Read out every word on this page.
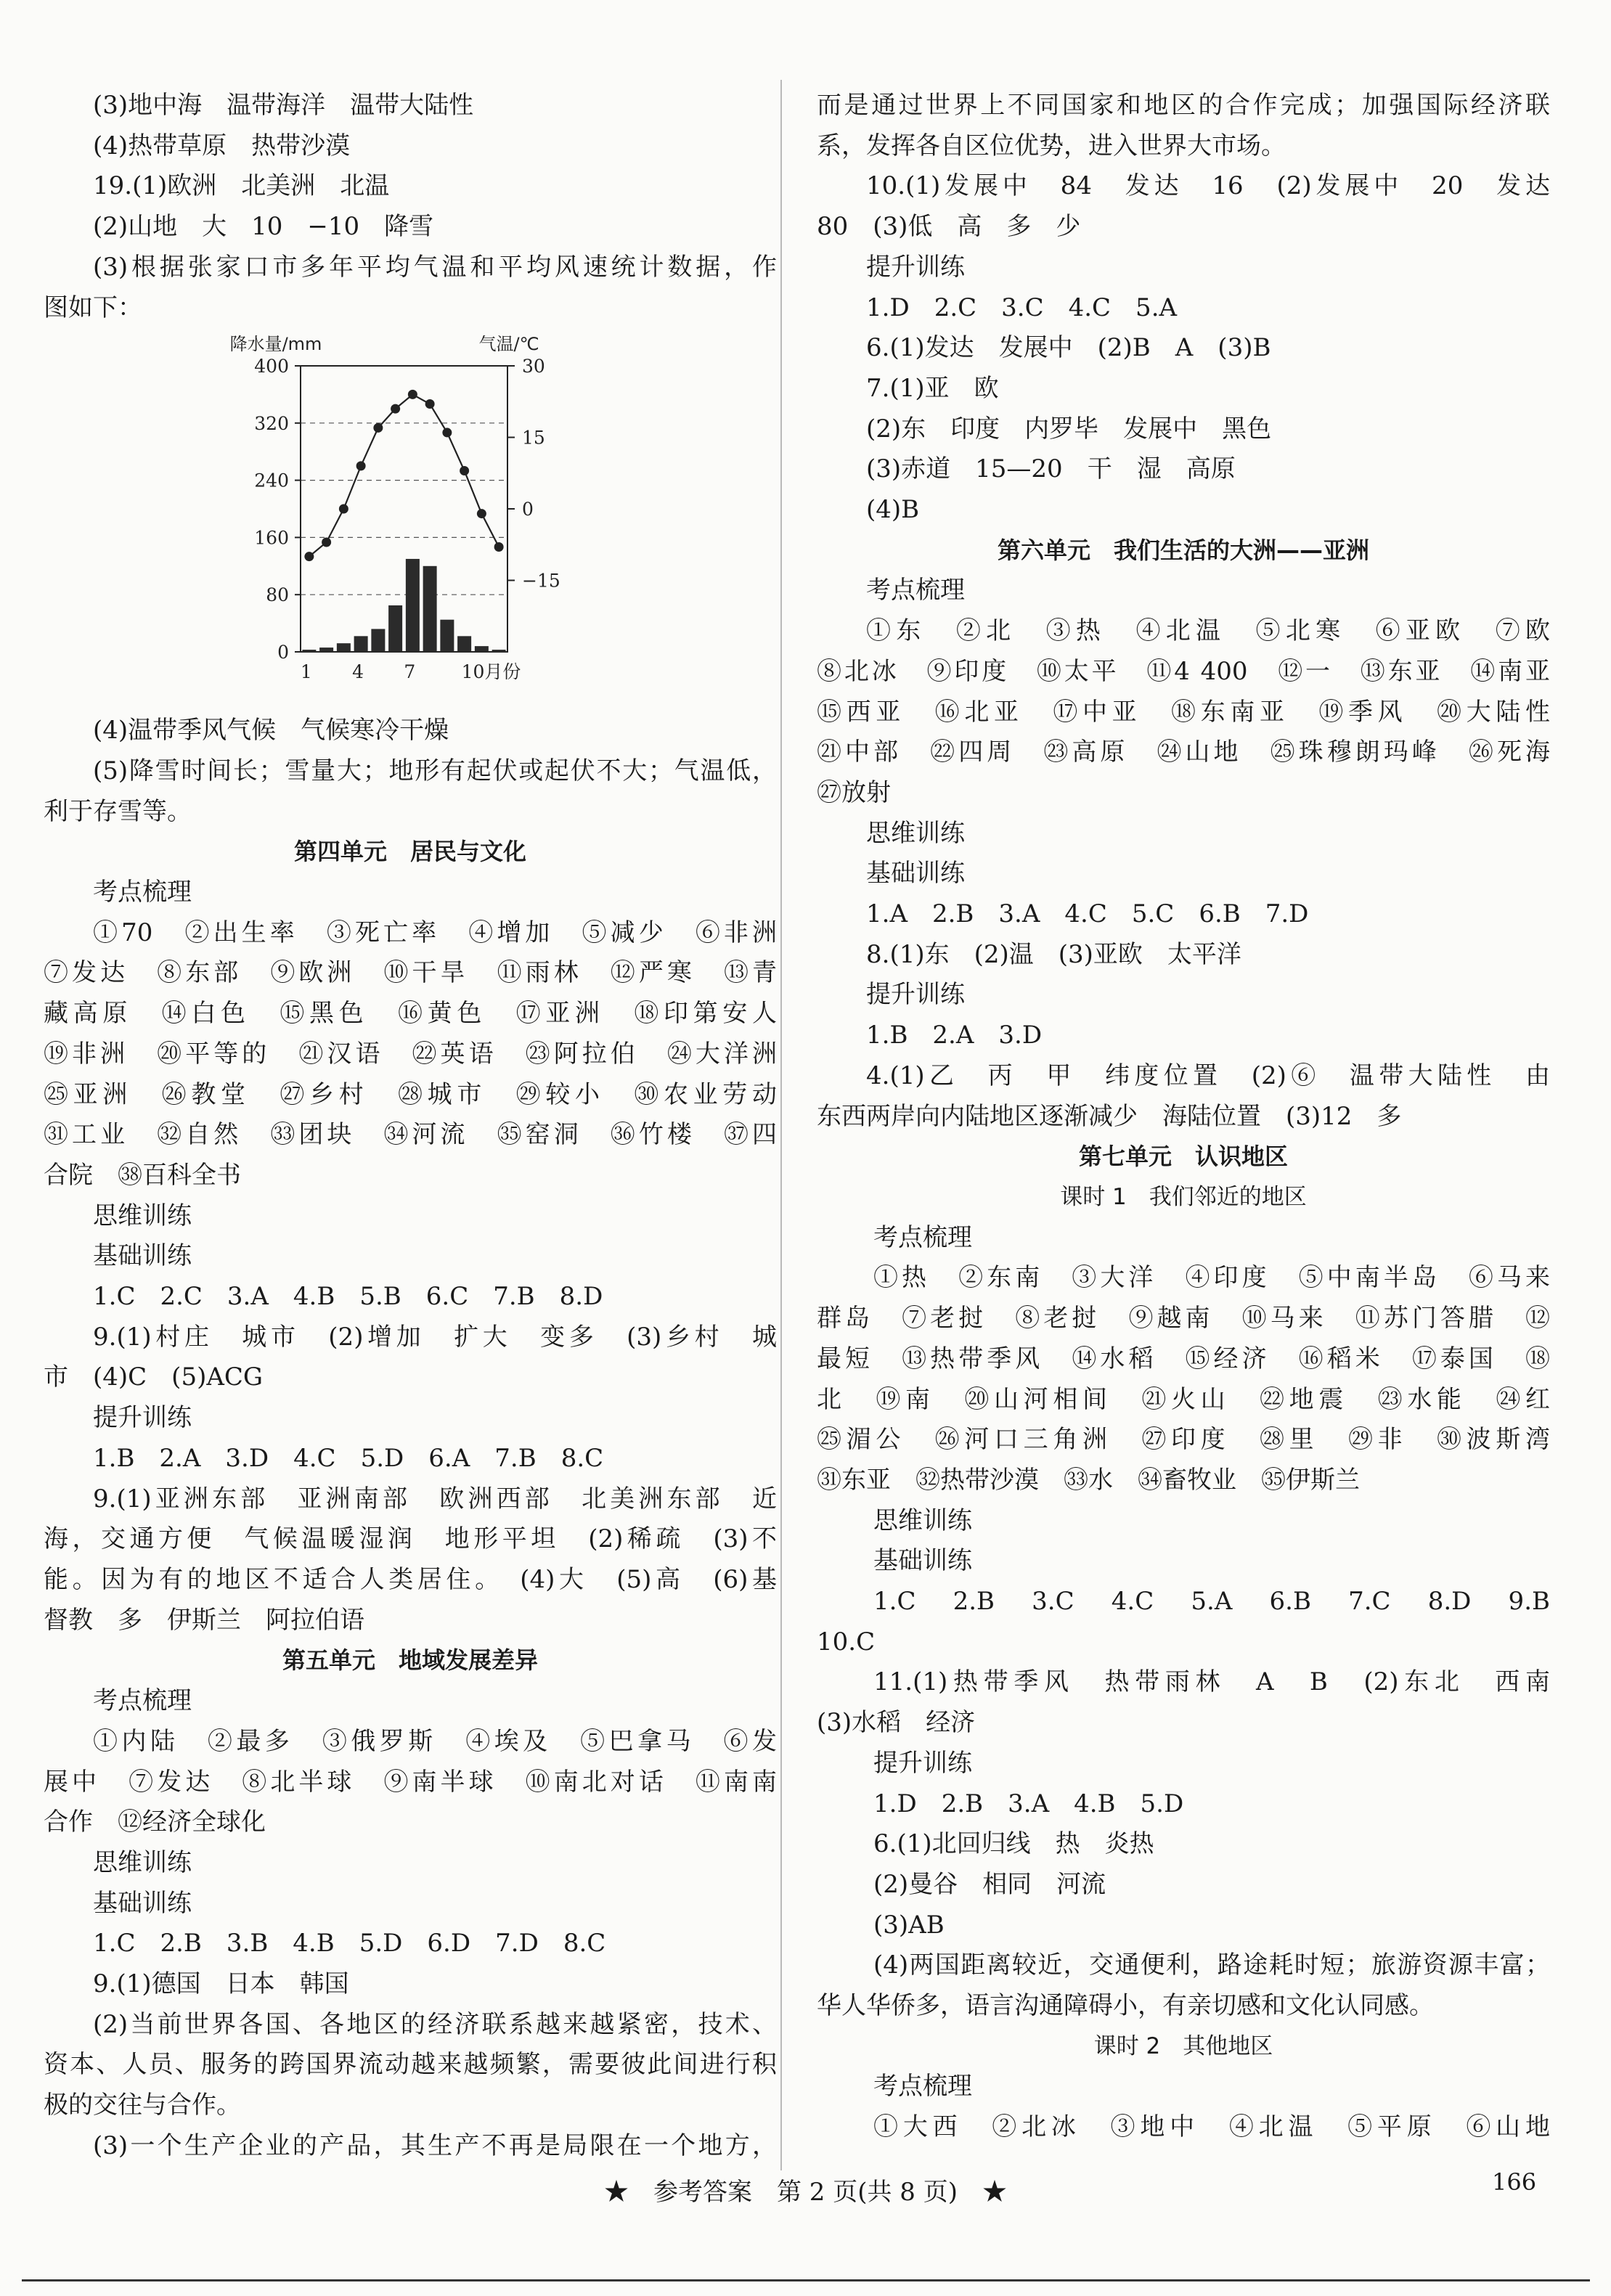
(3)地中海　温带海洋　温带大陆性
(4)热带草原　热带沙漠
19.(1)欧洲　北美洲　北温
(2)山地　大　10　−10　降雪
(3)根据张家口市多年平均气温和平均风速统计数据，作
图如下：
0
80
160
240
320
400
−15
0
15
30
降水量/mm	气温/℃
1 4 7	10月份
(4)温带季风气候　气候寒冷干燥
(5)降雪时间长；雪量大；地形有起伏或起伏不大；气温低，
利于存雪等。
第四单元　居民与文化
考点梳理
①70　②出生率　③死亡率　④增加　⑤减少　⑥非洲
⑦发达　⑧东部　⑨欧洲　⑩干旱　⑪雨林　⑫严寒　⑬青
藏高原　⑭白色　⑮黑色　⑯黄色　⑰亚洲　⑱印第安人
⑲非洲　⑳平等的　㉑汉语　㉒英语　㉓阿拉伯　㉔大洋洲
㉕亚洲　㉖教堂　㉗乡村　㉘城市　㉙较小　㉚农业劳动
㉛工业　㉜自然　㉝团块　㉞河流　㉟窑洞　㊱竹楼　㊲四
合院　㊳百科全书
思维训练
基础训练
1.C　2.C　3.A　4.B　5.B　6.C　7.B　8.D
9.(1)村庄　城市　(2)增加　扩大　变多　(3)乡村　城
市　(4)C　(5)ACG
提升训练
1.B　2.A　3.D　4.C　5.D　6.A　7.B　8.C
9.(1)亚洲东部　亚洲南部　欧洲西部　北美洲东部　近
海，交通方便　气候温暖湿润　地形平坦　(2)稀疏　(3)不
能。因为有的地区不适合人类居住。　(4)大　(5)高　(6)基
督教　多　伊斯兰　阿拉伯语
第五单元　地域发展差异
考点梳理
①内陆　②最多　③俄罗斯　④埃及　⑤巴拿马　⑥发
展中　⑦发达　⑧北半球　⑨南半球　⑩南北对话　⑪南南
合作　⑫经济全球化
思维训练
基础训练
1.C　2.B　3.B　4.B　5.D　6.D　7.D　8.C
9.(1)德国　日本　韩国
(2)当前世界各国、各地区的经济联系越来越紧密，技术、
资本、人员、服务的跨国界流动越来越频繁，需要彼此间进行积
极的交往与合作。
(3)一个生产企业的产品，其生产不再是局限在一个地方，
而是通过世界上不同国家和地区的合作完成；加强国际经济联
系，发挥各自区位优势，进入世界大市场。
10.(1)发展中　84　发达　16　(2)发展中　20　发达
80　(3)低　高　多　少
提升训练
1.D　2.C　3.C　4.C　5.A
6.(1)发达　发展中　(2)B　A　(3)B
7.(1)亚　欧
(2)东　印度　内罗毕　发展中　黑色
(3)赤道　15—20　干　湿　高原
(4)B
第六单元　我们生活的大洲——亚洲
考点梳理
①东　②北　③热　④北温　⑤北寒　⑥亚欧　⑦欧
⑧北冰　⑨印度　⑩太平　⑪4 400　⑫一　⑬东亚　⑭南亚
⑮西亚　⑯北亚　⑰中亚　⑱东南亚　⑲季风　⑳大陆性
㉑中部　㉒四周　㉓高原　㉔山地　㉕珠穆朗玛峰　㉖死海
㉗放射
思维训练
基础训练
1.A　2.B　3.A　4.C　5.C　6.B　7.D
8.(1)东　(2)温　(3)亚欧　太平洋
提升训练
1.B　2.A　3.D
4.(1)乙　丙　甲　纬度位置　(2)⑥　温带大陆性　由
东西两岸向内陆地区逐渐减少　海陆位置　(3)12　多
第七单元　认识地区
课时 1　我们邻近的地区
考点梳理
①热　②东南　③大洋　④印度　⑤中南半岛　⑥马来
群岛　⑦老挝　⑧老挝　⑨越南　⑩马来　⑪苏门答腊　⑫
最短　⑬热带季风　⑭水稻　⑮经济　⑯稻米　⑰泰国　⑱
北　⑲南　⑳山河相间　㉑火山　㉒地震　㉓水能　㉔红
㉕湄公　㉖河口三角洲　㉗印度　㉘里　㉙非　㉚波斯湾
㉛东亚　㉜热带沙漠　㉝水　㉞畜牧业　㉟伊斯兰
思维训练
基础训练
1.C　2.B　3.C　4.C　5.A　6.B　7.C　8.D　9.B
10.C
11.(1)热带季风　热带雨林　A　B　(2)东北　西南
(3)水稻　经济
提升训练
1.D　2.B　3.A　4.B　5.D
6.(1)北回归线　热　炎热
(2)曼谷　相同　河流
(3)AB
(4)两国距离较近，交通便利，路途耗时短；旅游资源丰富；
华人华侨多，语言沟通障碍小，有亲切感和文化认同感。
课时 2　其他地区
考点梳理
①大西　②北冰　③地中　④北温　⑤平原　⑥山地
★　参考答案　第 2 页(共 8 页)　★	166
